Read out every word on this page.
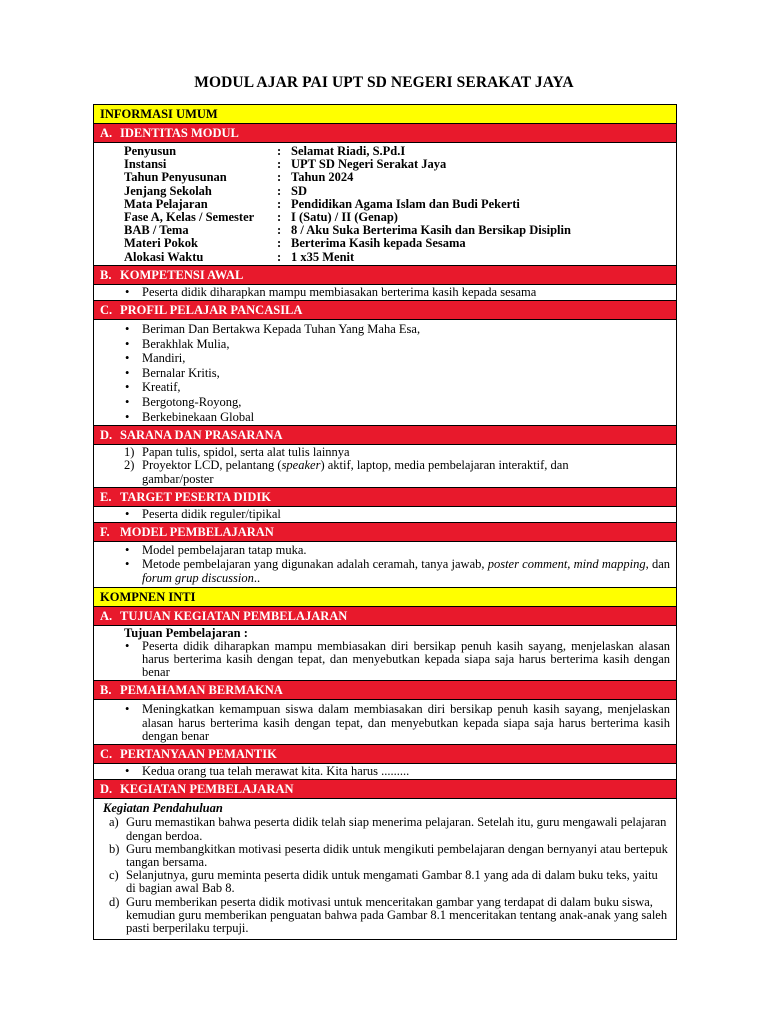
MODUL AJAR PAI UPT SD NEGERI SERAKAT JAYA
INFORMASI UMUM
A. IDENTITAS MODUL
Penyusun	:	Selamat Riadi, S.Pd.I
Instansi	:	UPT SD Negeri Serakat Jaya
Tahun Penyusunan	:	Tahun 2024
Jenjang Sekolah	:	SD
Mata Pelajaran	:	Pendidikan Agama Islam dan Budi Pekerti
Fase A, Kelas / Semester	:	I (Satu) / II (Genap)
BAB / Tema	:	8 / Aku Suka Berterima Kasih dan Bersikap Disiplin
Materi Pokok	:	Berterima Kasih kepada Sesama
Alokasi Waktu	:	1 x35 Menit
B. KOMPETENSI AWAL
• Peserta didik diharapkan mampu membiasakan berterima kasih kepada sesama
C. PROFIL PELAJAR PANCASILA
• Beriman Dan Bertakwa Kepada Tuhan Yang Maha Esa,
• Berakhlak Mulia,
• Mandiri,
• Bernalar Kritis,
• Kreatif,
• Bergotong-Royong,
• Berkebinekaan Global
D. SARANA DAN PRASARANA
1) Papan tulis, spidol, serta alat tulis lainnya
2) Proyektor LCD, pelantang (speaker) aktif, laptop, media pembelajaran interaktif, dan gambar/poster
E. TARGET PESERTA DIDIK
• Peserta didik reguler/tipikal
F. MODEL PEMBELAJARAN
• Model pembelajaran tatap muka.
• Metode pembelajaran yang digunakan adalah ceramah, tanya jawab, poster comment, mind mapping, dan forum grup discussion..
KOMPNEN INTI
A. TUJUAN KEGIATAN PEMBELAJARAN
Tujuan Pembelajaran :
• Peserta didik diharapkan mampu membiasakan diri bersikap penuh kasih sayang, menjelaskan alasan harus berterima kasih dengan tepat, dan menyebutkan kepada siapa saja harus berterima kasih dengan benar
B. PEMAHAMAN BERMAKNA
• Meningkatkan kemampuan siswa dalam membiasakan diri bersikap penuh kasih sayang, menjelaskan alasan harus berterima kasih dengan tepat, dan menyebutkan kepada siapa saja harus berterima kasih dengan benar
C. PERTANYAAN PEMANTIK
• Kedua orang tua telah merawat kita. Kita harus .........
D. KEGIATAN PEMBELAJARAN
Kegiatan Pendahuluan
a) Guru memastikan bahwa peserta didik telah siap menerima pelajaran. Setelah itu, guru mengawali pelajaran dengan berdoa.
b) Guru membangkitkan motivasi peserta didik untuk mengikuti pembelajaran dengan bernyanyi atau bertepuk tangan bersama.
c) Selanjutnya, guru meminta peserta didik untuk mengamati Gambar 8.1 yang ada di dalam buku teks, yaitu di bagian awal Bab 8.
d) Guru memberikan peserta didik motivasi untuk menceritakan gambar yang terdapat di dalam buku siswa, kemudian guru memberikan penguatan bahwa pada Gambar 8.1 menceritakan tentang anak-anak yang saleh pasti berperilaku terpuji.
